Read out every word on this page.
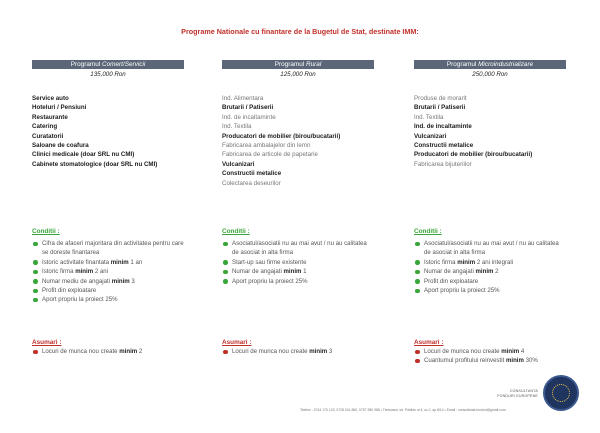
Programe Nationale cu finantare de la Bugetul de Stat, destinate IMM:
Programul Comert/Servicii
135,000 Ron
Service auto
Hoteluri / Pensiuni
Restaurante
Catering
Curatatorii
Saloane de coafura
Clinici medicale (doar SRL nu CMI)
Cabinete stomatologice (doar SRL nu CMI)
Programul Rural
125,000 Ron
Ind. Alimentara
Brutarii / Patiserii
Ind. de incaltaminte
Ind. Textila
Producatori de mobilier (birou/bucatarii)
Fabricarea ambalajelor din lemn
Fabricarea de articole de papetarie
Vulcanizari
Constructii metalice
Colectarea deseurilor
Programul Microindustrializare
250,000 Ron
Produse de morarit
Brutarii / Patiserii
Ind. Textila
Ind. de incaltaminte
Vulcanizari
Constructii metalice
Producatori de mobilier (birou/bucatarii)
Fabricarea bijuteriilor
Conditii :	Conditii :	Conditii :
Cifra de afaceri majoritara din activitatea pentru care se doreste finantarea
Istoric activitate finantata minim 1 an
Istoric firma minim 2 ani
Numar mediu de angajati minim 3
Profit din exploatare
Aport propriu la proiect 25%
Asociatul/asociatii nu au mai avut / nu au calitatea de asociat in alta firma
Start-up sau firme existente
Numar de angajati minim 1
Aport propriu la proiect 25%
Asociatul/asociatii nu au mai avut / nu au calitatea de asociat in alta firma
Istoric firma minim 2 ani integrali
Numar de angajati minim 2
Profit din exploatare
Aport propriu la proiect 25%
Asumari :	Asumari :	Asumari :
Locuri de munca nou create minim 2	Locuri de munca nou create minim 3	Locuri de munca nou create minim 4
Cuantumul profitului reinvestit minim 30%
CONSULTANTA
FONDURI EUROPENE
Telefon : 0744 170 123, 0728 041 860, 0757 980 986 • Timisoara, str. Paltinis nr.4, sc.2, ap.8/14 • Email : consultanta.fonduri@gmail.com
